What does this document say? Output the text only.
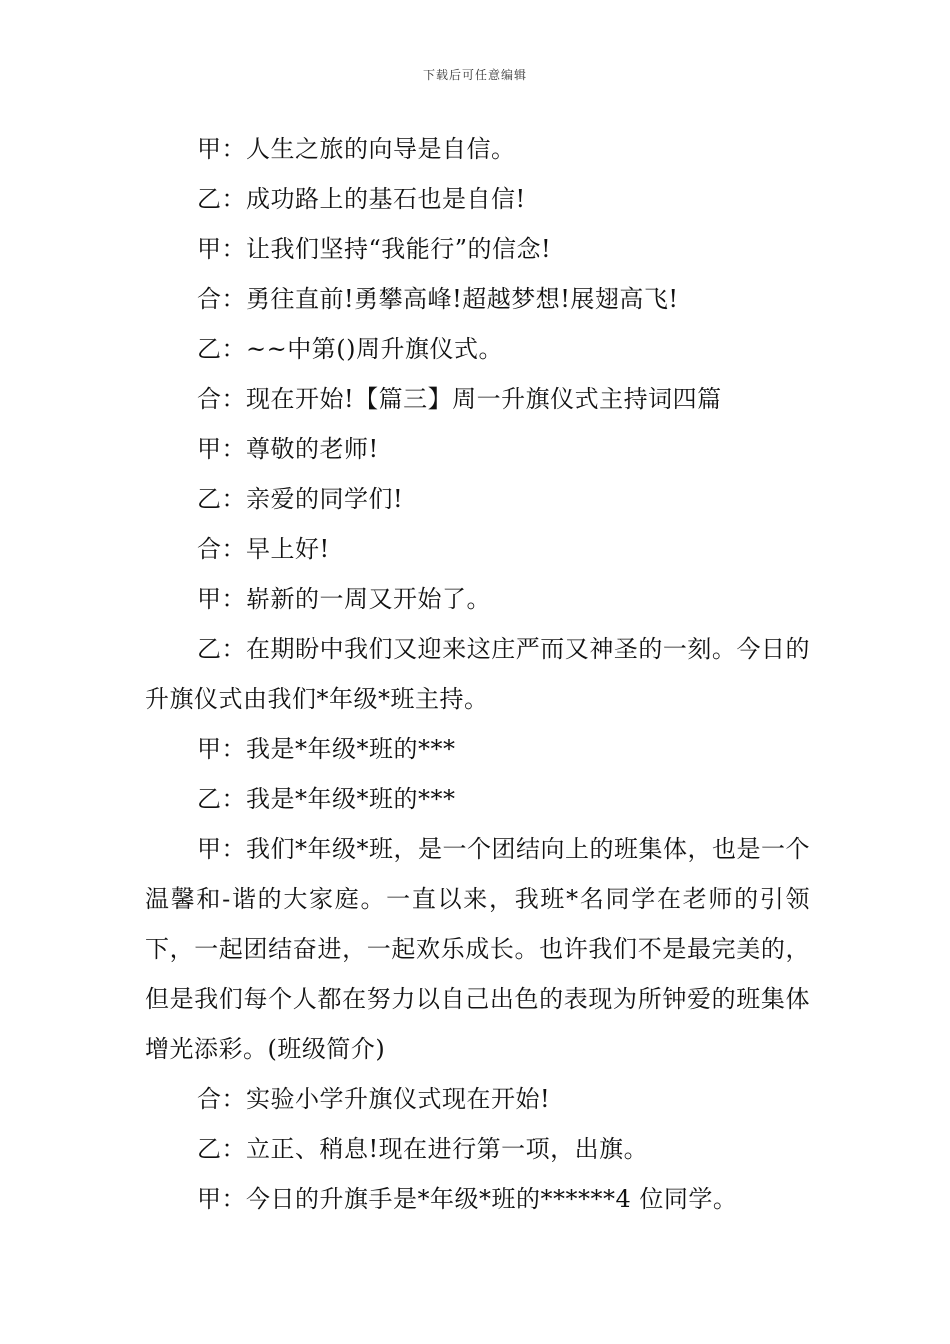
下载后可任意编辑

甲：人生之旅的向导是自信。

乙：成功路上的基石也是自信!

甲：让我们坚持“我能行”的信念!

合：勇往直前!勇攀高峰!超越梦想!展翅高飞!

乙：~~中第()周升旗仪式。

合：现在开始!【篇三】周一升旗仪式主持词四篇

甲：尊敬的老师!

乙：亲爱的同学们!

合：早上好!

甲：崭新的一周又开始了。

乙：在期盼中我们又迎来这庄严而又神圣的一刻。今日的升旗仪式由我们*年级*班主持。

甲：我是*年级*班的***

乙：我是*年级*班的***

甲：我们*年级*班，是一个团结向上的班集体，也是一个温馨和-谐的大家庭。一直以来，我班*名同学在老师的引领下，一起团结奋进，一起欢乐成长。也许我们不是最完美的，但是我们每个人都在努力以自己出色的表现为所钟爱的班集体增光添彩。(班级简介)

合：实验小学升旗仪式现在开始!

乙：立正、稍息!现在进行第一项，出旗。

甲：今日的升旗手是*年级*班的******4 位同学。
